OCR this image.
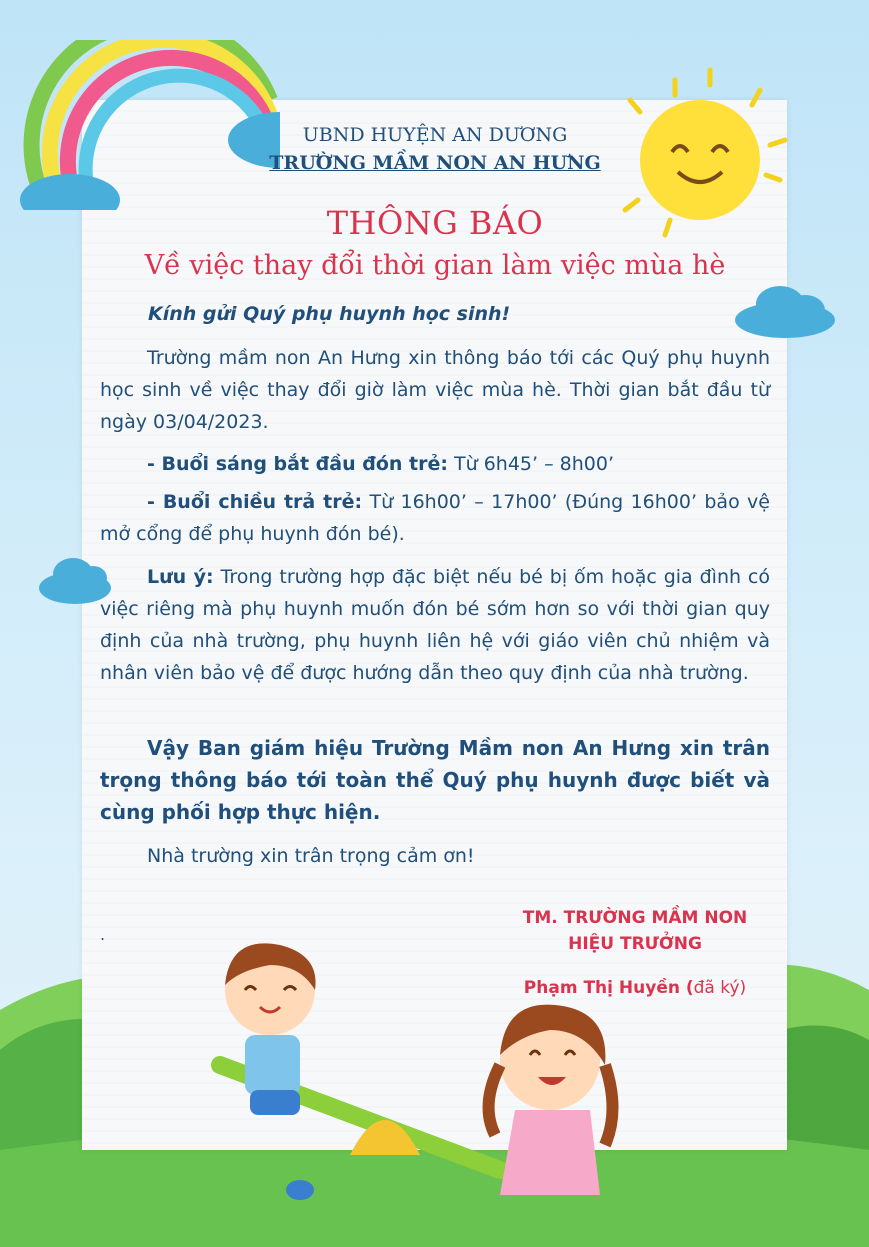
UBND HUYỆN AN DƯƠNG
TRƯỜNG MẦM NON AN HƯNG
THÔNG BÁO
Về việc thay đổi thời gian làm việc mùa hè
Kính gửi Quý phụ huynh học sinh!
Trường mầm non An Hưng xin thông báo tới các Quý phụ huynh học sinh về việc thay đổi giờ làm việc mùa hè. Thời gian bắt đầu từ ngày 03/04/2023.
- Buổi sáng bắt đầu đón trẻ: Từ 6h45’ – 8h00’
- Buổi chiều trả trẻ: Từ 16h00’ – 17h00’ (Đúng 16h00’ bảo vệ mở cổng để phụ huynh đón bé).
Lưu ý: Trong trường hợp đặc biệt nếu bé bị ốm hoặc gia đình có việc riêng mà phụ huynh muốn đón bé sớm hơn so với thời gian quy định của nhà trường, phụ huynh liên hệ với giáo viên chủ nhiệm và nhân viên bảo vệ để được hướng dẫn theo quy định của nhà trường.
Vậy Ban giám hiệu Trường Mầm non An Hưng xin trân trọng thông báo tới toàn thể Quý phụ huynh được biết và cùng phối hợp thực hiện.
Nhà trường xin trân trọng cảm ơn!
.
TM. TRƯỜNG MẦM NON
HIỆU TRƯỞNG
Phạm Thị Huyền (đã ký)
